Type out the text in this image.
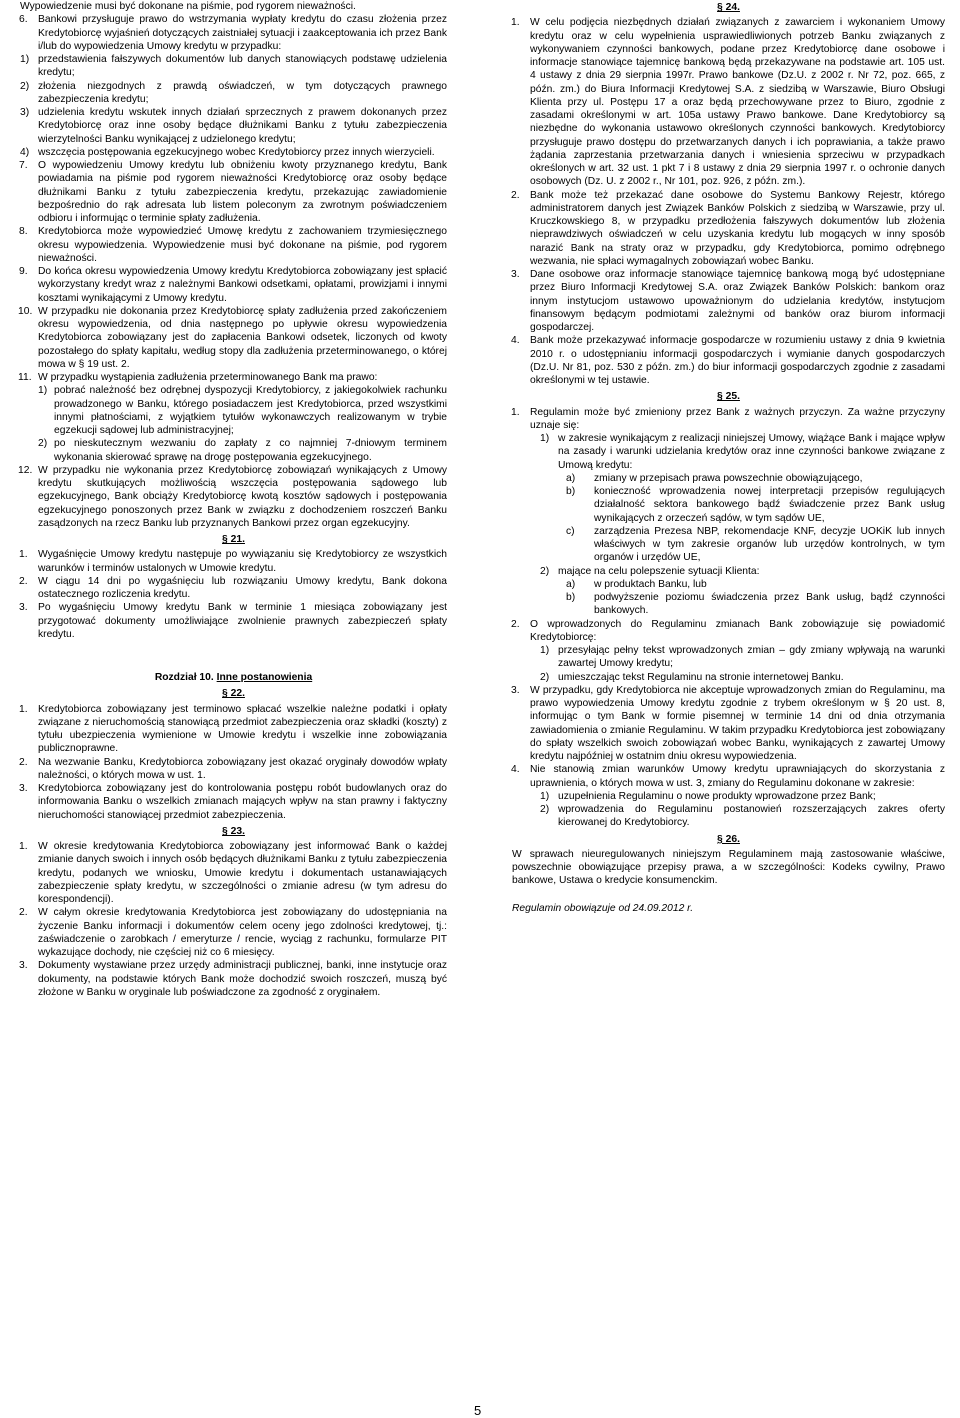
Wypowiedzenie musi być dokonane na piśmie, pod rygorem nieważności.

6. Bankowi przysługuje prawo do wstrzymania wypłaty kredytu do czasu złożenia przez Kredytobiorcę wyjaśnień dotyczących zaistniałej sytuacji i zaakceptowania ich przez Bank i/lub do wypowiedzenia Umowy kredytu w przypadku:

1) przedstawienia fałszywych dokumentów lub danych stanowiących podstawę udzielenia kredytu;

2) złożenia niezgodnych z prawdą oświadczeń, w tym dotyczących prawnego zabezpieczenia kredytu;

3) udzielenia kredytu wskutek innych działań sprzecznych z prawem dokonanych przez Kredytobiorcę oraz inne osoby będące dłużnikami Banku z tytułu zabezpieczenia wierzytelności Banku wynikającej z udzielonego kredytu;

4) wszczęcia postępowania egzekucyjnego wobec Kredytobiorcy przez innych wierzycieli.

7. O wypowiedzeniu Umowy kredytu lub obniżeniu kwoty przyznanego kredytu, Bank powiadamia na piśmie pod rygorem nieważności Kredytobiorcę oraz osoby będące dłużnikami Banku z tytułu zabezpieczenia kredytu, przekazując zawiadomienie bezpośrednio do rąk adresata lub listem poleconym za zwrotnym poświadczeniem odbioru i informując o terminie spłaty zadłużenia.

8. Kredytobiorca może wypowiedzieć Umowę kredytu z zachowaniem trzymiesięcznego okresu wypowiedzenia. Wypowiedzenie musi być dokonane na piśmie, pod rygorem nieważności.

9. Do końca okresu wypowiedzenia Umowy kredytu Kredytobiorca zobowiązany jest spłacić wykorzystany kredyt wraz z należnymi Bankowi odsetkami, opłatami, prowizjami i innymi kosztami wynikającymi z Umowy kredytu.

10. W przypadku nie dokonania przez Kredytobiorcę spłaty zadłużenia przed zakończeniem okresu wypowiedzenia, od dnia następnego po upływie okresu wypowiedzenia Kredytobiorca zobowiązany jest do zapłacenia Bankowi odsetek, liczonych od kwoty pozostałego do spłaty kapitału, według stopy dla zadłużenia przeterminowanego, o której mowa w § 19 ust. 2.

11. W przypadku wystąpienia zadłużenia przeterminowanego Bank ma prawo:

1) pobrać należność bez odrębnej dyspozycji Kredytobiorcy, z jakiegokolwiek rachunku prowadzonego w Banku, którego posiadaczem jest Kredytobiorca, przed wszystkimi innymi płatnościami, z wyjątkiem tytułów wykonawczych realizowanym w trybie egzekucji sądowej lub administracyjnej;

2) po nieskutecznym wezwaniu do zapłaty z co najmniej 7-dniowym terminem wykonania skierować sprawę na drogę postępowania egzekucyjnego.

12. W przypadku nie wykonania przez Kredytobiorcę zobowiązań wynikających z Umowy kredytu skutkujących możliwością wszczęcia postępowania sądowego lub egzekucyjnego, Bank obciąży Kredytobiorcę kwotą kosztów sądowych i postępowania egzekucyjnego ponoszonych przez Bank w związku z dochodzeniem roszczeń Banku zasądzonych na rzecz Banku lub przyznanych Bankowi przez organ egzekucyjny.

§ 21.
1. Wygaśnięcie Umowy kredytu następuje po wywiązaniu się Kredytobiorcy ze wszystkich warunków i terminów ustalonych w Umowie kredytu.

2. W ciągu 14 dni po wygaśnięciu lub rozwiązaniu Umowy kredytu, Bank dokona ostatecznego rozliczenia kredytu.

3. Po wygaśnięciu Umowy kredytu Bank w terminie 1 miesiąca zobowiązany jest przygotować dokumenty umożliwiające zwolnienie prawnych zabezpieczeń spłaty kredytu.

Rozdział 10. Inne postanowienia
§ 22.
1. Kredytobiorca zobowiązany jest terminowo spłacać wszelkie należne podatki i opłaty związane z nieruchomością stanowiącą przedmiot zabezpieczenia oraz składki (koszty) z tytułu ubezpieczenia wymienione w Umowie kredytu i wszelkie inne zobowiązania publicznoprawne.

2. Na wezwanie Banku, Kredytobiorca zobowiązany jest okazać oryginały dowodów wpłaty należności, o których mowa w ust. 1.

3. Kredytobiorca zobowiązany jest do kontrolowania postępu robót budowlanych oraz do informowania Banku o wszelkich zmianach mających wpływ na stan prawny i faktyczny nieruchomości stanowiącej przedmiot zabezpieczenia.

§ 23.
1. W okresie kredytowania Kredytobiorca zobowiązany jest informować Bank o każdej zmianie danych swoich i innych osób będących dłużnikami Banku z tytułu zabezpieczenia kredytu, podanych we wniosku, Umowie kredytu i dokumentach ustanawiających zabezpieczenie spłaty kredytu, w szczególności o zmianie adresu (w tym adresu do korespondencji).

2. W całym okresie kredytowania Kredytobiorca jest zobowiązany do udostępniania na życzenie Banku informacji i dokumentów celem oceny jego zdolności kredytowej, tj.: zaświadczenie o zarobkach / emeryturze / rencie, wyciąg z rachunku, formularze PIT wykazujące dochody, nie częściej niż co 6 miesięcy.

3. Dokumenty wystawiane przez urzędy administracji publicznej, banki, inne instytucje oraz dokumenty, na podstawie których Bank może dochodzić swoich roszczeń, muszą być złożone w Banku w oryginale lub poświadczone za zgodność z oryginałem.

§ 24.
1. W celu podjęcia niezbędnych działań związanych z zawarciem i wykonaniem Umowy kredytu oraz w celu wypełnienia usprawiedliwionych potrzeb Banku związanych z wykonywaniem czynności bankowych, podane przez Kredytobiorcę dane osobowe i informacje stanowiące tajemnicę bankową będą przekazywane na podstawie art. 105 ust. 4 ustawy z dnia 29 sierpnia 1997r. Prawo bankowe (Dz.U. z 2002 r. Nr 72, poz. 665, z późn. zm.) do Biura Informacji Kredytowej S.A. z siedzibą w Warszawie, Biuro Obsługi Klienta przy ul. Postępu 17 a oraz będą przechowywane przez to Biuro, zgodnie z zasadami określonymi w art. 105a ustawy Prawo bankowe. Dane Kredytobiorcy są niezbędne do wykonania ustawowo określonych czynności bankowych. Kredytobiorcy przysługuje prawo dostępu do przetwarzanych danych i ich poprawiania, a także prawo żądania zaprzestania przetwarzania danych i wniesienia sprzeciwu w przypadkach określonych w art. 32 ust. 1 pkt 7 i 8 ustawy z dnia 29 sierpnia 1997 r. o ochronie danych osobowych (Dz. U. z 2002 r., Nr 101, poz. 926, z późn. zm.).

2. Bank może też przekazać dane osobowe do Systemu Bankowy Rejestr, którego administratorem danych jest Związek Banków Polskich z siedzibą w Warszawie, przy ul. Kruczkowskiego 8, w przypadku przedłożenia fałszywych dokumentów lub złożenia nieprawdziwych oświadczeń w celu uzyskania kredytu lub mogących w inny sposób narazić Bank na straty oraz w przypadku, gdy Kredytobiorca, pomimo odrębnego wezwania, nie spłaci wymagalnych zobowiązań wobec Banku.

3. Dane osobowe oraz informacje stanowiące tajemnicę bankową mogą być udostępniane przez Biuro Informacji Kredytowej S.A. oraz Związek Banków Polskich: bankom oraz innym instytucjom ustawowo upoważnionym do udzielania kredytów, instytucjom finansowym będącym podmiotami zależnymi od banków oraz biurom informacji gospodarczej.

4. Bank może przekazywać informacje gospodarcze w rozumieniu ustawy z dnia 9 kwietnia 2010 r. o udostępnianiu informacji gospodarczych i wymianie danych gospodarczych (Dz.U. Nr 81, poz. 530 z późn. zm.) do biur informacji gospodarczych zgodnie z zasadami określonymi w tej ustawie.

§ 25.
1. Regulamin może być zmieniony przez Bank z ważnych przyczyn. Za ważne przyczyny uznaje się:

1) w zakresie wynikającym z realizacji niniejszej Umowy, wiążące Bank i mające wpływ na zasady i warunki udzielania kredytów oraz inne czynności bankowe związane z Umową kredytu:

a) zmiany w przepisach prawa powszechnie obowiązującego,

b) konieczność wprowadzenia nowej interpretacji przepisów regulujących działalność sektora bankowego bądź świadczenie przez Bank usług wynikających z orzeczeń sądów, w tym sądów UE,

c) zarządzenia Prezesa NBP, rekomendacje KNF, decyzje UOKiK lub innych właściwych w tym zakresie organów lub urzędów kontrolnych, w tym organów i urzędów UE,

2) mające na celu polepszenie sytuacji Klienta:

a) w produktach Banku, lub

b) podwyższenie poziomu świadczenia przez Bank usług, bądź czynności bankowych.

2. O wprowadzonych do Regulaminu zmianach Bank zobowiązuje się powiadomić Kredytobiorcę:

1) przesyłając pełny tekst wprowadzonych zmian – gdy zmiany wpływają na warunki zawartej Umowy kredytu;

2) umieszczając tekst Regulaminu na stronie internetowej Banku.

3. W przypadku, gdy Kredytobiorca nie akceptuje wprowadzonych zmian do Regulaminu, ma prawo wypowiedzenia Umowy kredytu zgodnie z trybem określonym w § 20 ust. 8, informując o tym Bank w formie pisemnej w terminie 14 dni od dnia otrzymania zawiadomienia o zmianie Regulaminu. W takim przypadku Kredytobiorca jest zobowiązany do spłaty wszelkich swoich zobowiązań wobec Banku, wynikających z zawartej Umowy kredytu najpóźniej w ostatnim dniu okresu wypowiedzenia.

4. Nie stanowią zmian warunków Umowy kredytu uprawniających do skorzystania z uprawnienia, o których mowa w ust. 3, zmiany do Regulaminu dokonane w zakresie:

1) uzupełnienia Regulaminu o nowe produkty wprowadzone przez Bank;

2) wprowadzenia do Regulaminu postanowień rozszerzających zakres oferty kierowanej do Kredytobiorcy.

§ 26.

W sprawach nieuregulowanych niniejszym Regulaminem mają zastosowanie właściwe, powszechnie obowiązujące przepisy prawa, a w szczególności: Kodeks cywilny, Prawo bankowe, Ustawa o kredycie konsumenckim.

Regulamin obowiązuje od 24.09.2012 r.

5
